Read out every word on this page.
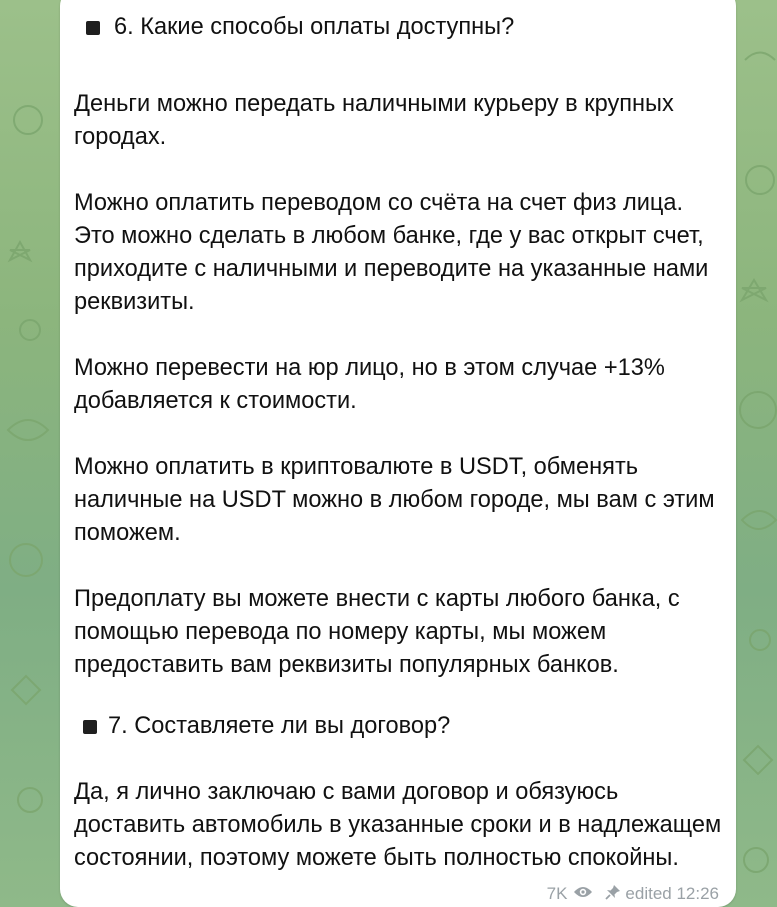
6. Какие способы оплаты доступны?

Деньги можно передать наличными курьеру в крупных городах.

Можно оплатить переводом со счёта на счет физ лица. Это можно сделать в любом банке, где у вас открыт счет, приходите с наличными и переводите на указанные нами реквизиты.

Можно перевести на юр лицо, но в этом случае +13% добавляется к стоимости.

Можно оплатить в криптовалюте в USDT, обменять наличные на USDT можно в любом городе, мы вам с этим поможем.

Предоплату вы можете внести с карты любого банка, с помощью перевода по номеру карты, мы можем предоставить вам реквизиты популярных банков.

7. Составляете ли вы договор?

Да, я лично заключаю с вами договор и обязуюсь доставить автомобиль в указанные сроки и в надлежащем состоянии, поэтому можете быть полностью спокойны.

7K	edited 12:26
